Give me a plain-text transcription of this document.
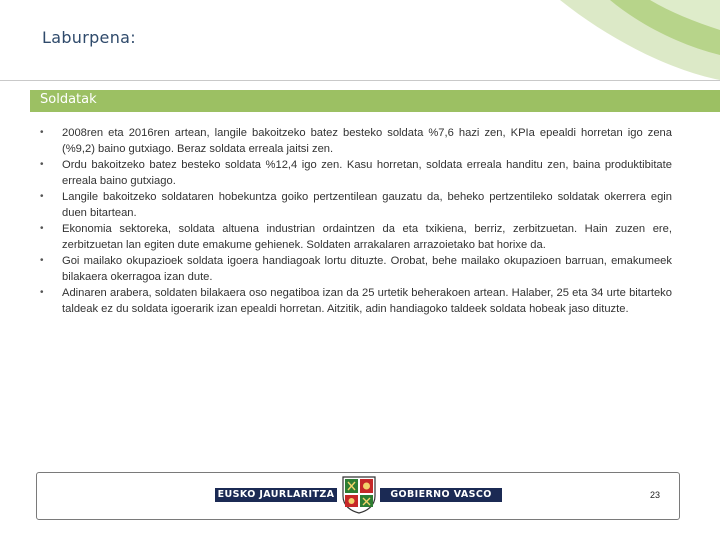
Laburpena:
Soldatak
• 2008ren eta 2016ren artean, langile bakoitzeko batez besteko soldata %7,6 hazi zen, KPIa epealdi horretan igo zena (%9,2) baino gutxiago. Beraz soldata erreala jaitsi zen.
• Ordu bakoitzeko batez besteko soldata %12,4 igo zen. Kasu horretan, soldata erreala handitu zen, baina produktibitate erreala baino gutxiago.
• Langile bakoitzeko soldataren hobekuntza goiko pertzentilean gauzatu da, beheko pertzentileko soldatak okerrera egin duen bitartean.
• Ekonomia sektoreka, soldata altuena industrian ordaintzen da eta txikiena, berriz, zerbitzuetan. Hain zuzen ere, zerbitzuetan lan egiten dute emakume gehienek. Soldaten arrakalaren arrazoietako bat horixe da.
• Goi mailako okupazioek soldata igoera handiagoak lortu dituzte. Orobat, behe mailako okupazioen barruan, emakumeek bilakaera okerragoa izan dute.
• Adinaren arabera, soldaten bilakaera oso negatiboa izan da 25 urtetik beherakoen artean. Halaber, 25 eta 34 urte bitarteko taldeak ez du soldata igoerarik izan epealdi horretan. Aitzitik, adin handiagoko taldeek soldata hobeak jaso dituzte.
EUSKO JAURLARITZA	GOBIERNO VASCO	23
